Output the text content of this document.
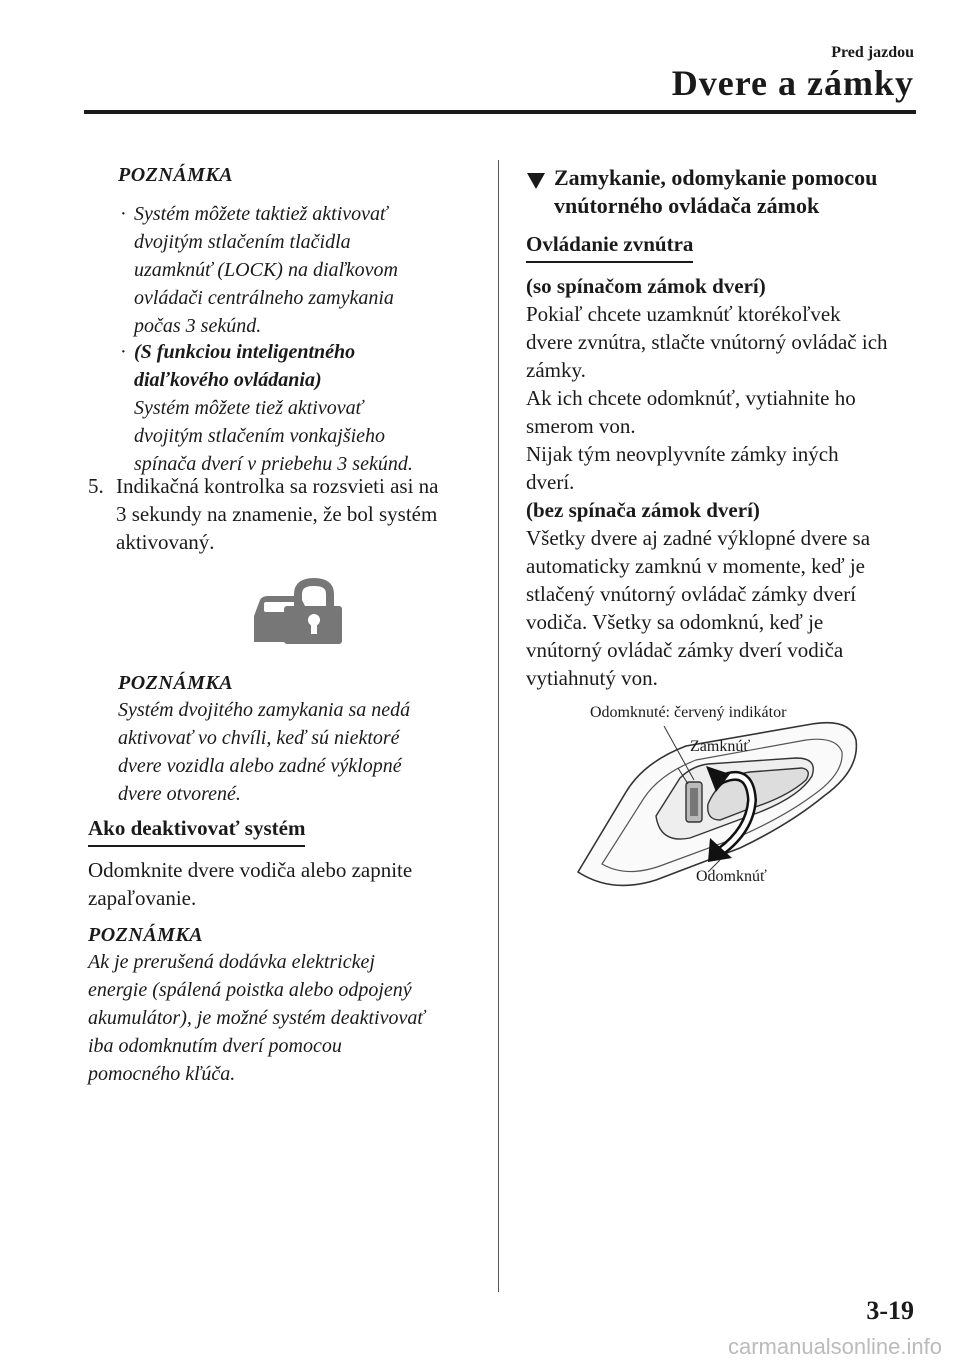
Pred jazdou
Dvere a zámky
POZNÁMKA
· Systém môžete taktiež aktivovať
dvojitým stlačením tlačidla
uzamknúť (LOCK) na diaľkovom
ovládači centrálneho zamykania
počas 3 sekúnd.
· (S funkciou inteligentného
diaľkového ovládania)
Systém môžete tiež aktivovať
dvojitým stlačením vonkajšieho
spínača dverí v priebehu 3 sekúnd.
5. Indikačná kontrolka sa rozsvieti asi na
3 sekundy na znamenie, že bol systém
aktivovaný.
POZNÁMKA
Systém dvojitého zamykania sa nedá
aktivovať vo chvíli, keď sú niektoré
dvere vozidla alebo zadné výklopné
dvere otvorené.
Ako deaktivovať systém
Odomknite dvere vodiča alebo zapnite
zapaľovanie.
POZNÁMKA
Ak je prerušená dodávka elektrickej
energie (spálená poistka alebo odpojený
akumulátor), je možné systém deaktivovať
iba odomknutím dverí pomocou
pomocného kľúča.
Zamykanie, odomykanie pomocou
vnútorného ovládača zámok
Ovládanie zvnútra
(so spínačom zámok dverí)
Pokiaľ chcete uzamknúť ktorékoľvek
dvere zvnútra, stlačte vnútorný ovládač ich
zámky.
Ak ich chcete odomknúť, vytiahnite ho
smerom von.
Nijak tým neovplyvníte zámky iných
dverí.
(bez spínača zámok dverí)
Všetky dvere aj zadné výklopné dvere sa
automaticky zamknú v momente, keď je
stlačený vnútorný ovládač zámky dverí
vodiča. Všetky sa odomknú, keď je
vnútorný ovládač zámky dverí vodiča
vytiahnutý von.
Odomknuté: červený indikátor
Zamknúť
Odomknúť
3-19
carmanualsonline.info
